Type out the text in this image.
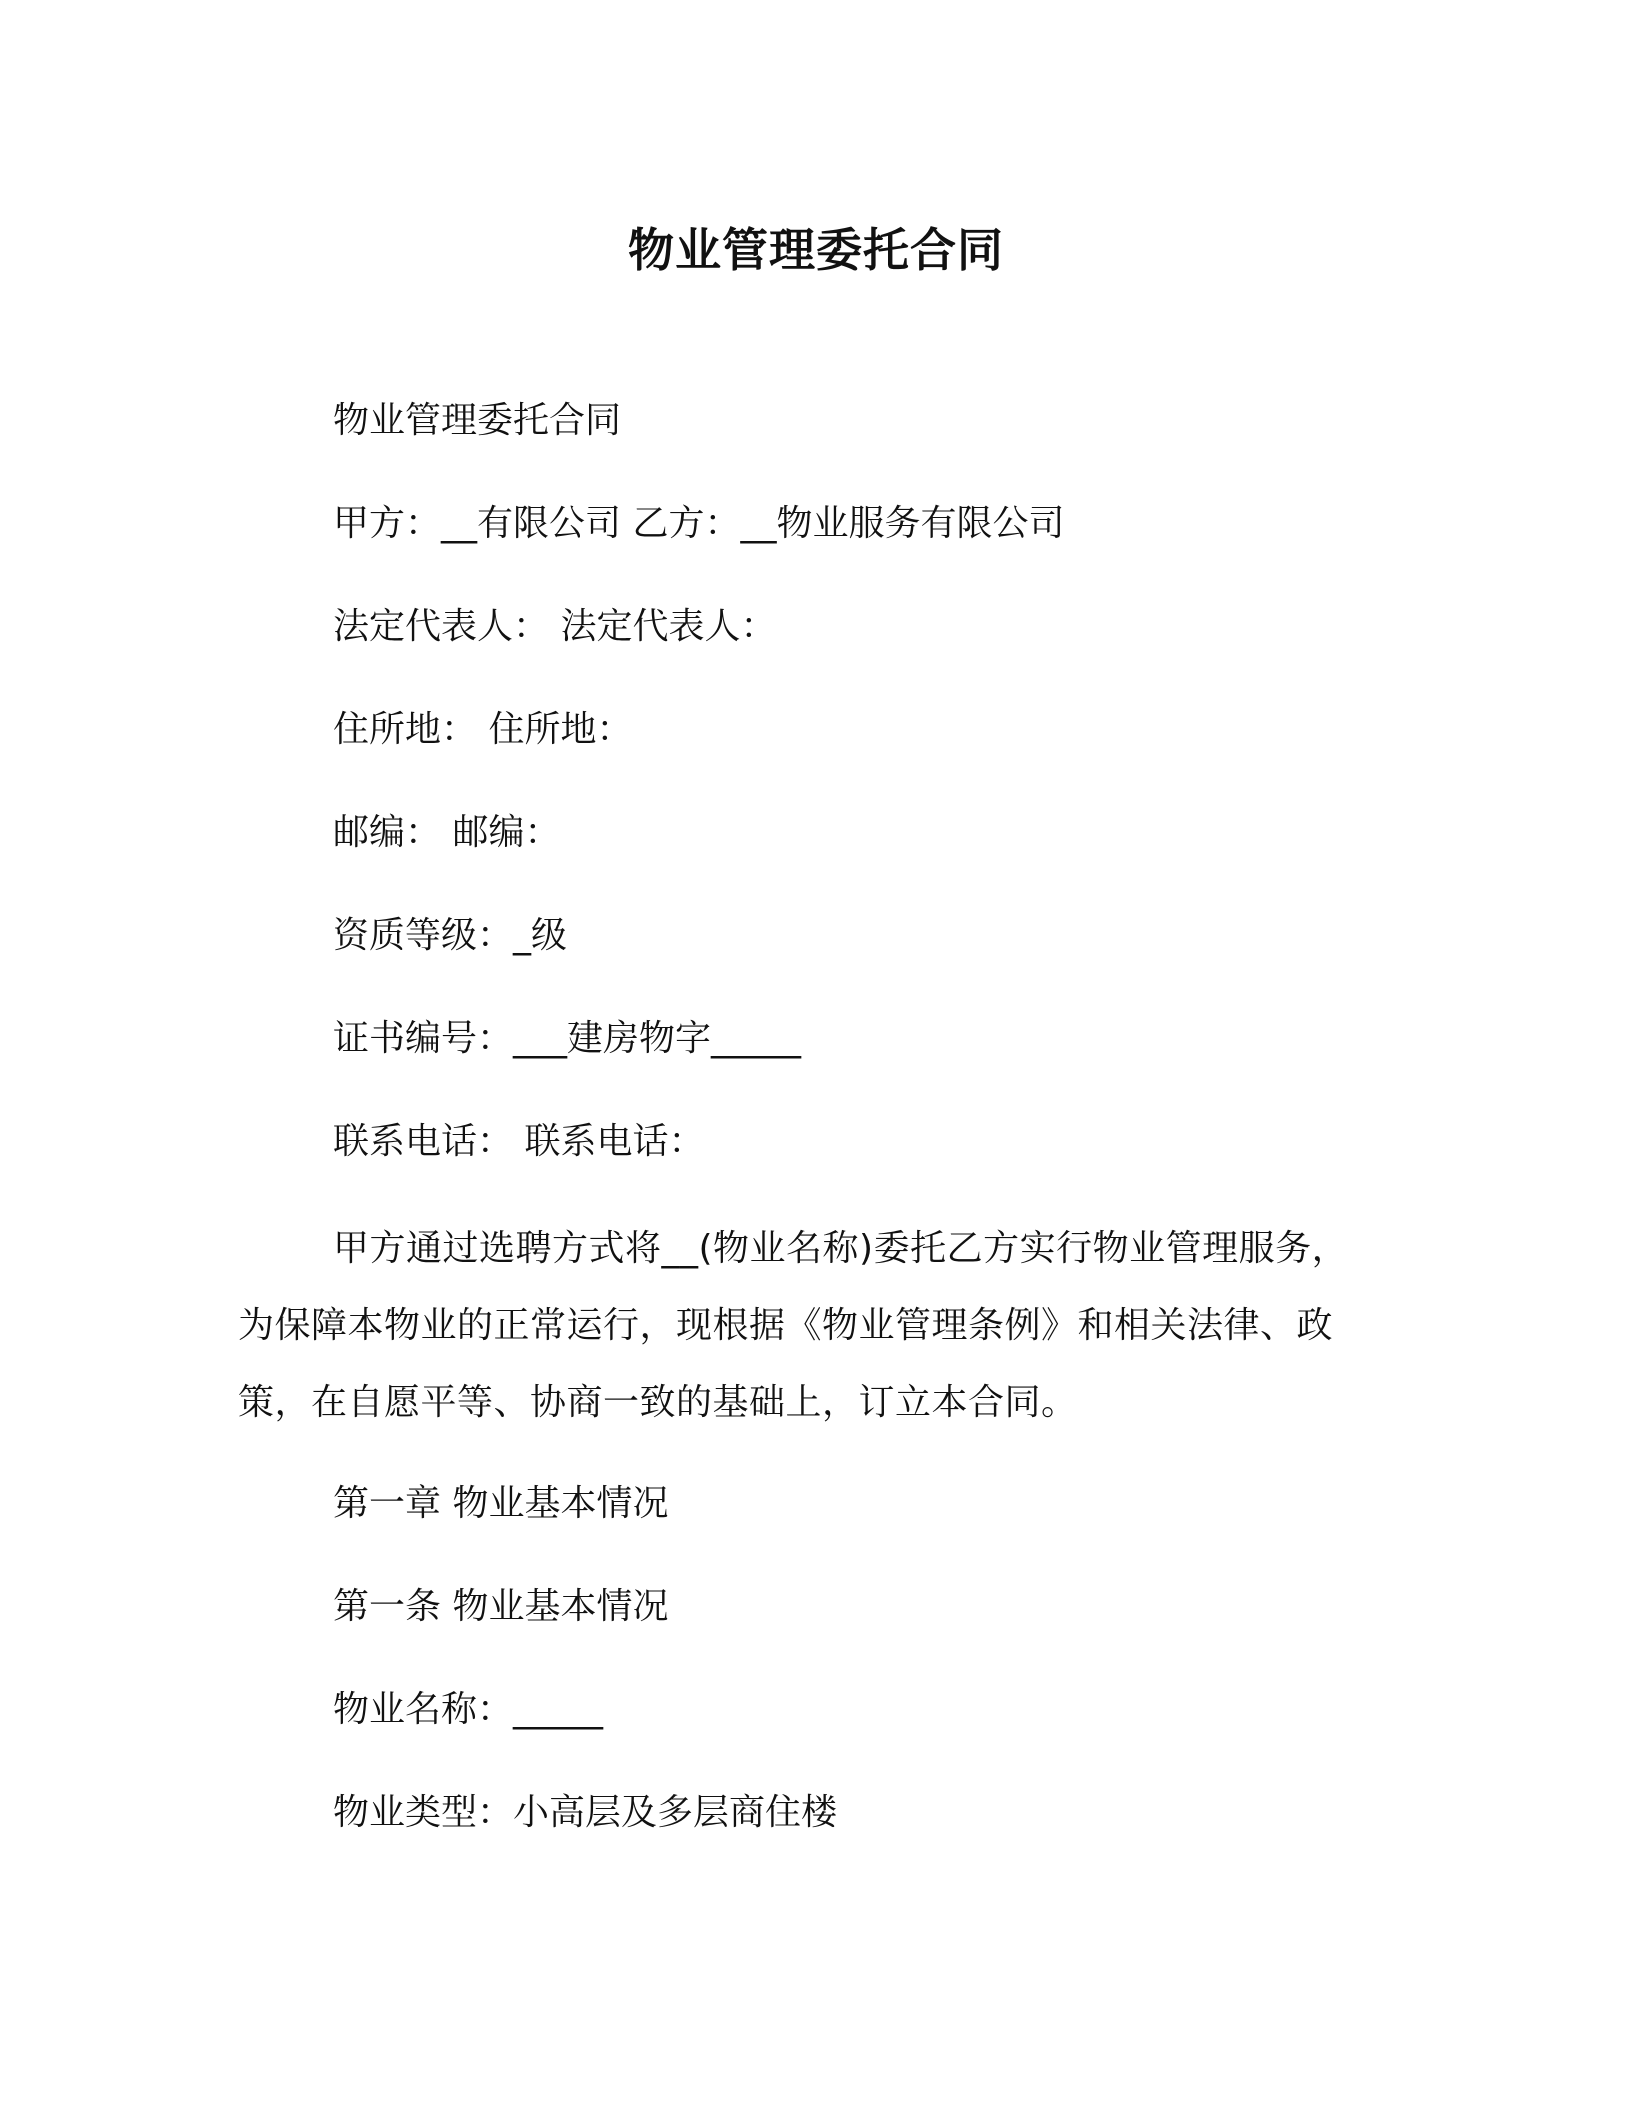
物业管理委托合同
物业管理委托合同
甲方：__有限公司 乙方：__物业服务有限公司
法定代表人： 法定代表人：
住所地： 住所地：
邮编： 邮编：
资质等级：_级
证书编号：___建房物字_____
联系电话： 联系电话：
甲方通过选聘方式将__(物业名称)委托乙方实行物业管理服务，为保障本物业的正常运行，现根据《物业管理条例》和相关法律、政策，在自愿平等、协商一致的基础上，订立本合同。
第一章 物业基本情况
第一条 物业基本情况
物业名称：_____
物业类型：小高层及多层商住楼
